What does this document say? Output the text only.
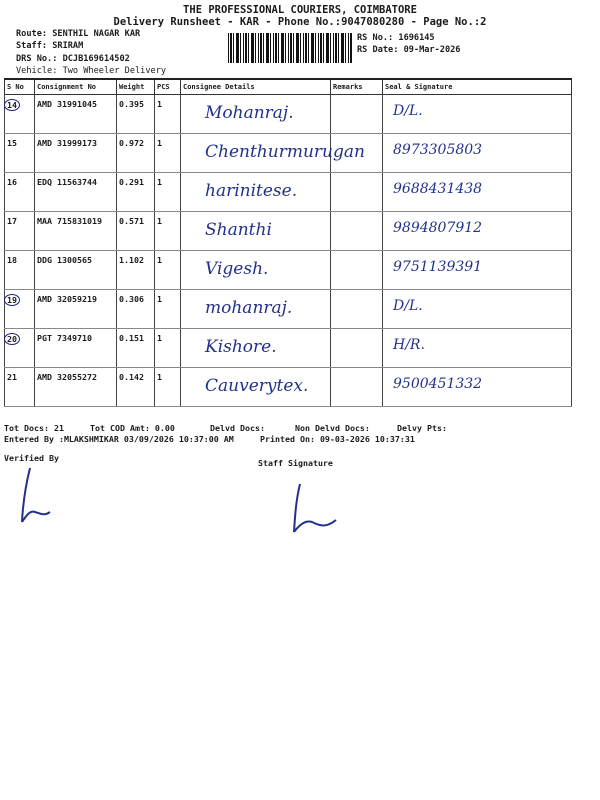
THE PROFESSIONAL COURIERS, COIMBATORE
Delivery Runsheet - KAR - Phone No.:9047080280 - Page No.:2
Route: SENTHIL NAGAR KAR
Staff: SRIRAM
DRS No.: DCJB169614502
Vehicle: Two Wheeler Delivery
RS No.: 1696145
RS Date: 09-Mar-2026
S No	Consignment No	Weight	PCS	Consignee Details	Remarks	Seal & Signature
14	AMD 31991045	0.395	1	Mohanraj.		D/L.

15	AMD 31999173	0.972	1	Chenthurmurugan		8973305803

16	EDQ 11563744	0.291	1	harinitese.		9688431438

17	MAA 715831019	0.571	1	Shanthi		9894807912

18	DDG 1300565	1.102	1	Vigesh.		9751139391

19	AMD 32059219	0.306	1	mohanraj.		D/L.

20	PGT 7349710	0.151	1	Kishore.		H/R.

21	AMD 32055272	0.142	1	Cauverytex.		9500451332
Tot Docs: 21	Tot COD Amt: 0.00	Delvd Docs:	Non Delvd Docs:	Delvy Pts:
Entered By :MLAKSHMIKAR 03/09/2026 10:37:00 AM	Printed On: 09-03-2026 10:37:31
Verified By	Staff Signature
